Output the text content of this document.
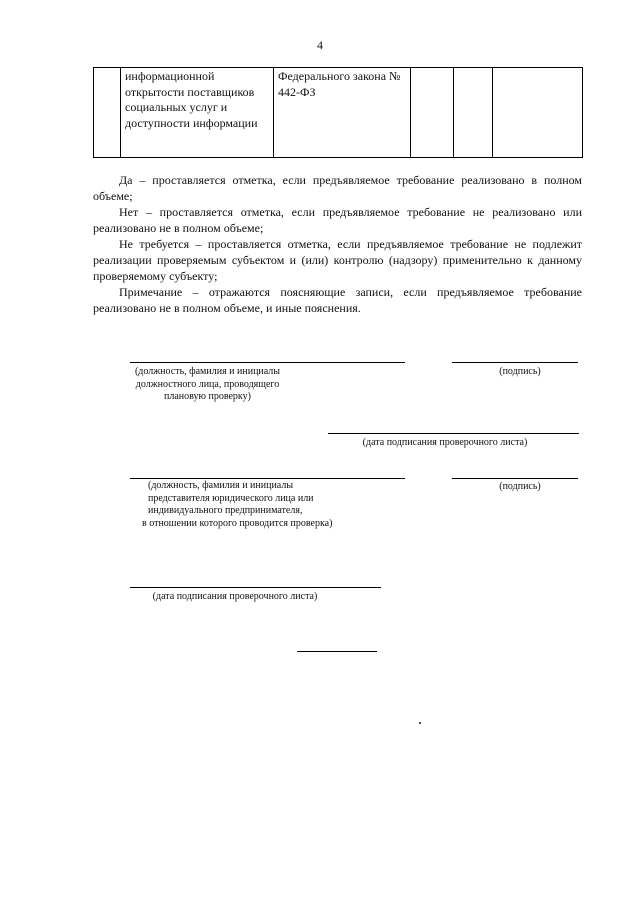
4
	информационной открытости поставщиков социальных услуг и доступности информации	Федерального закона № 442-ФЗ			

Да – проставляется отметка, если предъявляемое требование реализовано в полном объеме;

Нет – проставляется отметка, если предъявляемое требование не реализовано или реализовано не в полном объеме;

Не требуется – проставляется отметка, если предъявляемое требование не подлежит реализации проверяемым субъектом и (или) контролю (надзору) применительно к данному проверяемому субъекту;

Примечание – отражаются поясняющие записи, если предъявляемое требование реализовано не в полном объеме, и иные пояснения.

(должность, фамилия и инициалы
должностного лица, проводящего
плановую проверку)
(подпись)
(дата подписания проверочного листа)
(должность, фамилия и инициалы
представителя юридического лица или
индивидуального предпринимателя,
в отношении которого проводится проверка)
(подпись)
(дата подписания проверочного листа)
